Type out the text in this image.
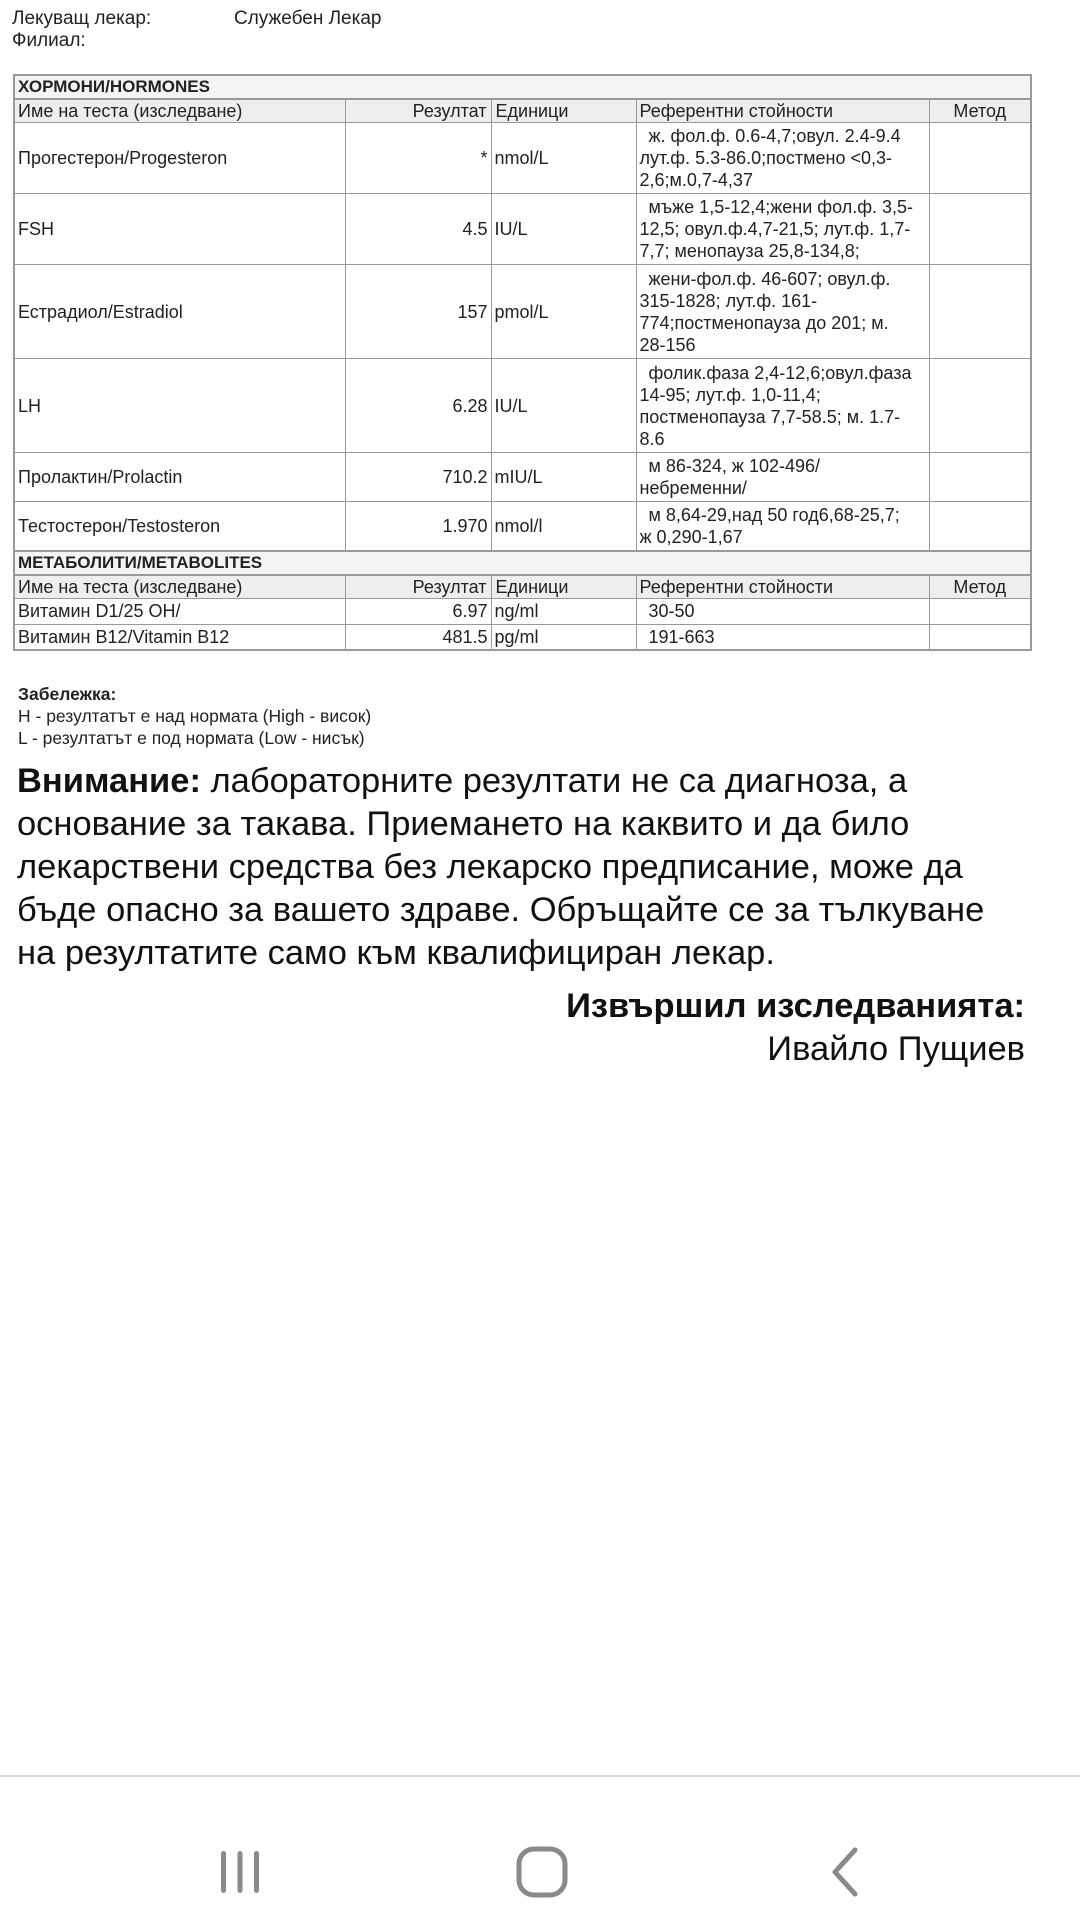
Лекуващ лекар:	Служебен Лекар
Филиал:
ХОРМОНИ/HORMONES				
Име на теста (изследване)	Резултат	Единици	Референтни стойности	Метод
Прогестерон/Progesteron	*	nmol/L	ж. фол.ф. 0.6-4,7;овул. 2.4-9.4
лут.ф. 5.3-86.0;постмено <0,3-
2,6;м.0,7-4,37	

FSH	4.5	IU/L	мъже 1,5-12,4;жени фол.ф. 3,5-
12,5; овул.ф.4,7-21,5; лут.ф. 1,7-
7,7; менопауза 25,8-134,8;	

Естрадиол/Estradiol	157	pmol/L	жени-фол.ф. 46-607; овул.ф.
315-1828; лут.ф. 161-
774;постменопауза до 201; м.
28-156	

LH	6.28	IU/L	фолик.фаза 2,4-12,6;овул.фаза
14-95; лут.ф. 1,0-11,4;
постменопауза 7,7-58.5; м. 1.7-
8.6	

Пролактин/Prolactin	710.2	mIU/L	м 86-324, ж 102-496/
небременни/	

Тестостерон/Testosteron	1.970	nmol/l	м 8,64-29,над 50 год6,68-25,7;
ж 0,290-1,67	

МЕТАБОЛИТИ/METABOLITES				
Име на теста (изследване)	Резултат	Единици	Референтни стойности	Метод
Витамин D1/25 OH/	6.97	ng/ml	30-50	

Витамин B12/Vitamin B12	481.5	pg/ml	191-663	

Забележка:
H - резултатът е над нормата (High - висок)
L - резултатът е под нормата (Low - нисък)
Внимание: лабораторните резултати не са диагноза, а основание за такава. Приемането на каквито и да било лекарствени средства без лекарско предписание, може да бъде опасно за вашето здраве. Обръщайте се за тълкуване на резултатите само към квалифициран лекар.
Извършил изследванията:
Ивайло Пущиев
